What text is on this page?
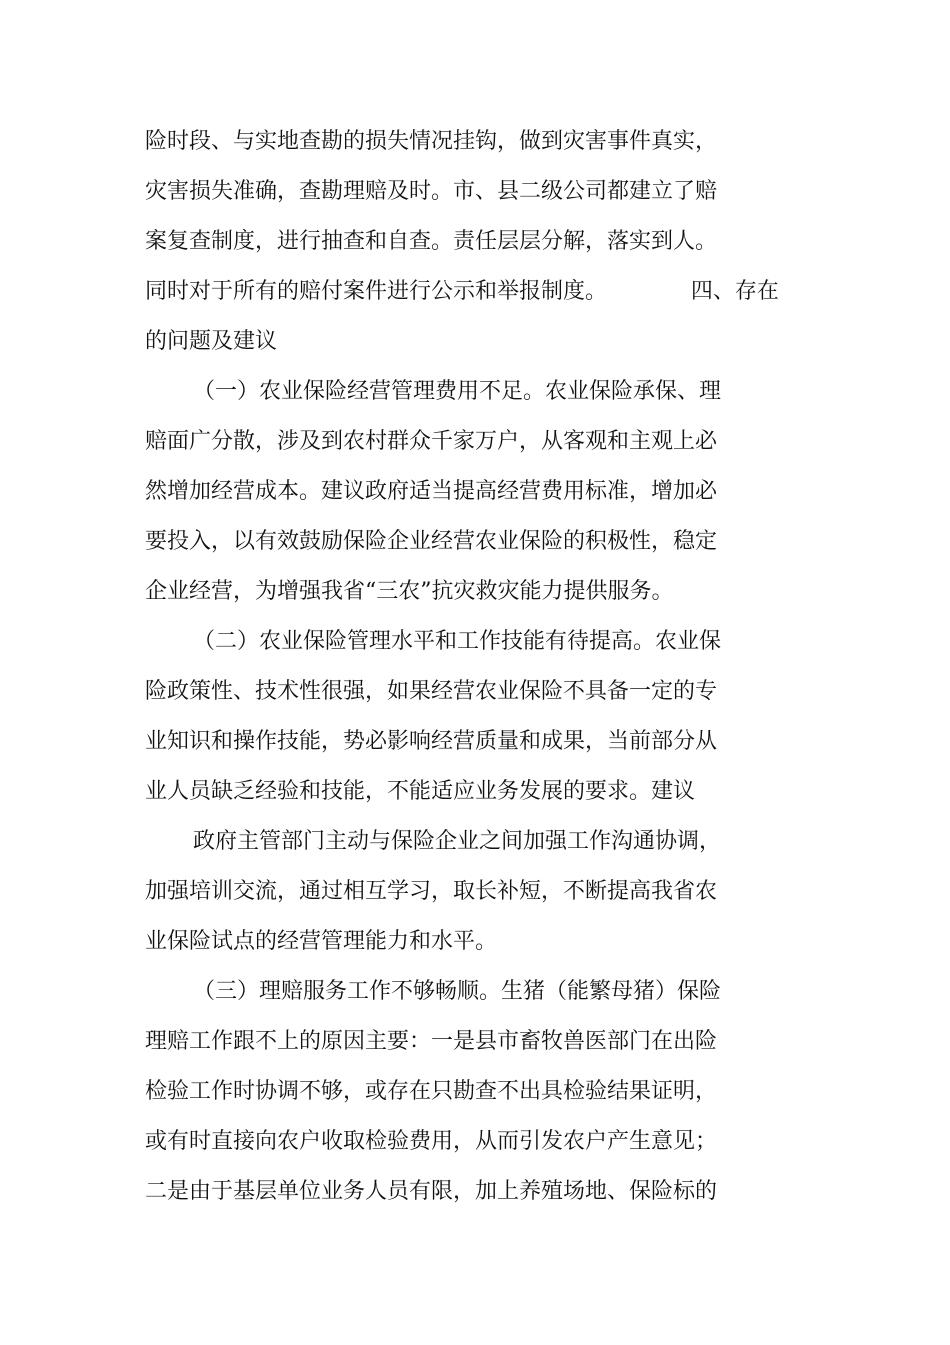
险时段、与实地查勘的损失情况挂钩，做到灾害事件真实，

灾害损失准确，查勘理赔及时。市、县二级公司都建立了赔

案复查制度，进行抽查和自查。责任层层分解，落实到人。

同时对于所有的赔付案件进行公示和举报制度。            四、存在

的问题及建议

（一）农业保险经营管理费用不足。农业保险承保、理

赔面广分散，涉及到农村群众千家万户，从客观和主观上必

然增加经营成本。建议政府适当提高经营费用标准，增加必

要投入，以有效鼓励保险企业经营农业保险的积极性，稳定

企业经营，为增强我省“三农”抗灾救灾能力提供服务。

（二）农业保险管理水平和工作技能有待提高。农业保

险政策性、技术性很强，如果经营农业保险不具备一定的专

业知识和操作技能，势必影响经营质量和成果，当前部分从

业人员缺乏经验和技能，不能适应业务发展的要求。建议

政府主管部门主动与保险企业之间加强工作沟通协调，

加强培训交流，通过相互学习，取长补短，不断提高我省农

业保险试点的经营管理能力和水平。

（三）理赔服务工作不够畅顺。生猪（能繁母猪）保险

理赔工作跟不上的原因主要：一是县市畜牧兽医部门在出险

检验工作时协调不够，或存在只勘查不出具检验结果证明，

或有时直接向农户收取检验费用，从而引发农户产生意见；

二是由于基层单位业务人员有限，加上养殖场地、保险标的
